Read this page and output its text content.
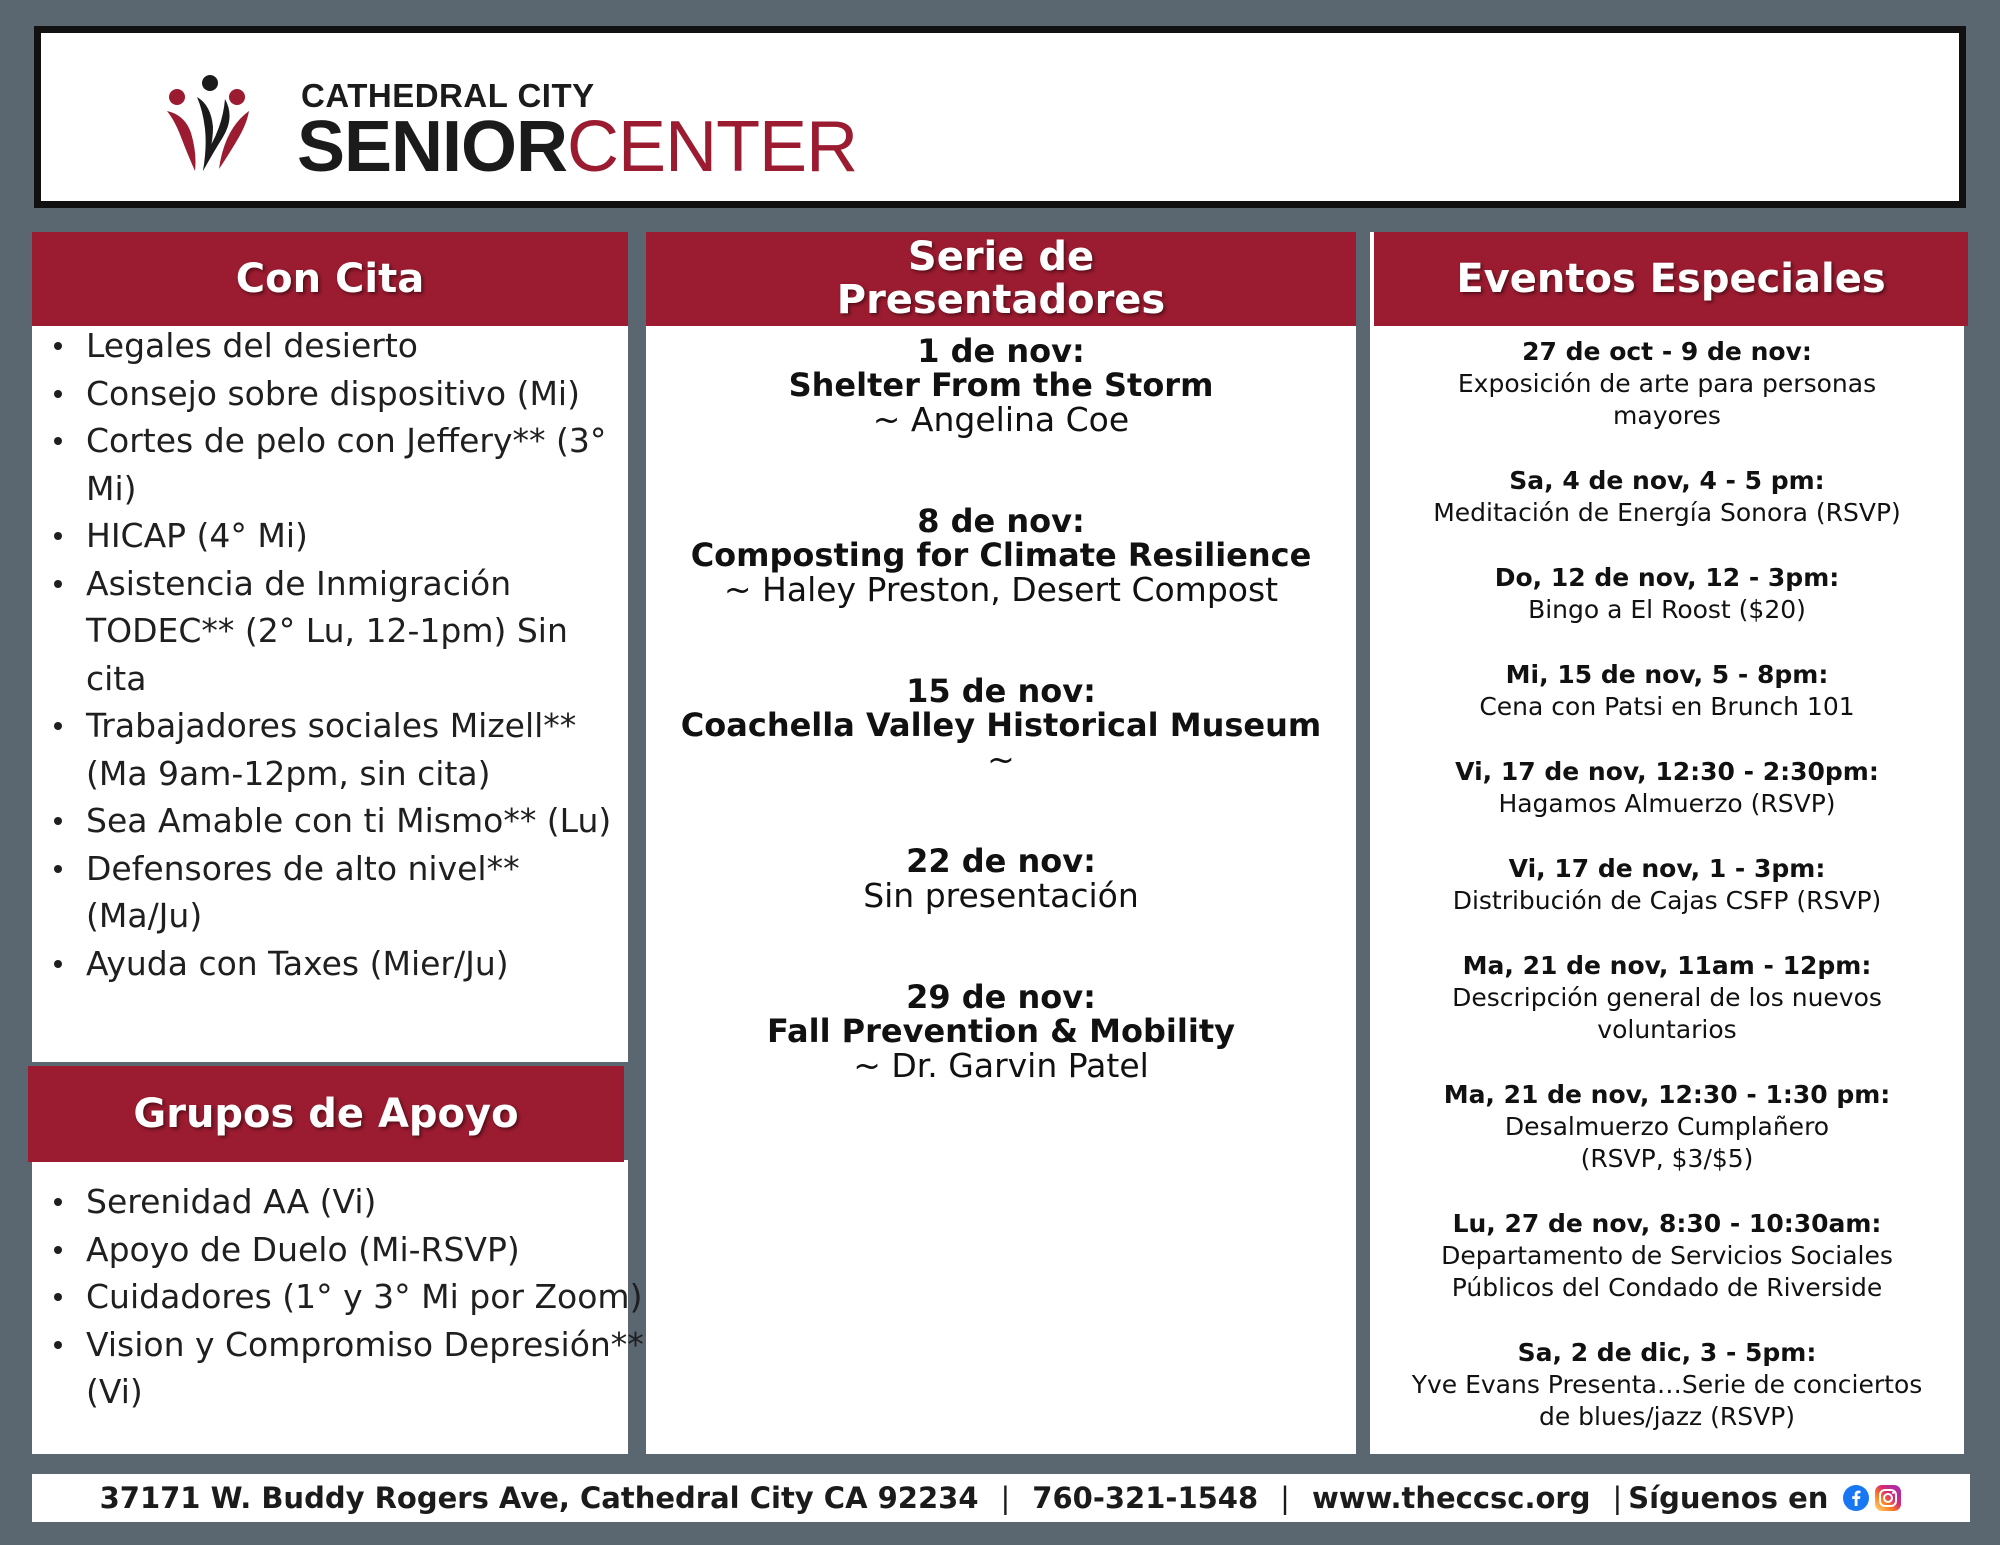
CATHEDRAL CITY
SENIORCENTER
Con Cita
Legales del desierto
Consejo sobre dispositivo (Mi)
Cortes de pelo con Jeffery** (3° Mi)
HICAP (4° Mi)
Asistencia de Inmigración TODEC** (2° Lu, 12-1pm) Sin cita
Trabajadores sociales Mizell** (Ma 9am-12pm, sin cita)
Sea Amable con ti Mismo** (Lu)
Defensores de alto nivel** (Ma/Ju)
Ayuda con Taxes (Mier/Ju)
Grupos de Apoyo
Serenidad AA (Vi)
Apoyo de Duelo (Mi-RSVP)
Cuidadores (1° y 3° Mi por Zoom)
Vision y Compromiso Depresión** (Vi)
Serie de
Presentadores
1 de nov:
Shelter From the Storm
~ Angelina Coe
8 de nov:
Composting for Climate Resilience
~ Haley Preston, Desert Compost
15 de nov:
Coachella Valley Historical Museum
~
22 de nov:
Sin presentación
29 de nov:
Fall Prevention & Mobility
~ Dr. Garvin Patel
Eventos Especiales
27 de oct - 9 de nov:
Exposición de arte para personas
mayores
Sa, 4 de nov, 4 - 5 pm:
Meditación de Energía Sonora (RSVP)
Do, 12 de nov, 12 - 3pm:
Bingo a El Roost ($20)
Mi, 15 de nov, 5 - 8pm:
Cena con Patsi en Brunch 101
Vi, 17 de nov, 12:30 - 2:30pm:
Hagamos Almuerzo (RSVP)
Vi, 17 de nov, 1 - 3pm:
Distribución de Cajas CSFP (RSVP)
Ma, 21 de nov, 11am - 12pm:
Descripción general de los nuevos
voluntarios
Ma, 21 de nov, 12:30 - 1:30 pm:
Desalmuerzo Cumplañero
(RSVP, $3/$5)
Lu, 27 de nov, 8:30 - 10:30am:
Departamento de Servicios Sociales
Públicos del Condado de Riverside
Sa, 2 de dic, 3 - 5pm:
Yve Evans Presenta…Serie de conciertos
de blues/jazz (RSVP)
37171 W. Buddy Rogers Ave, Cathedral City CA 92234 | 760-321-1548 | www.theccsc.org | Síguenos en
